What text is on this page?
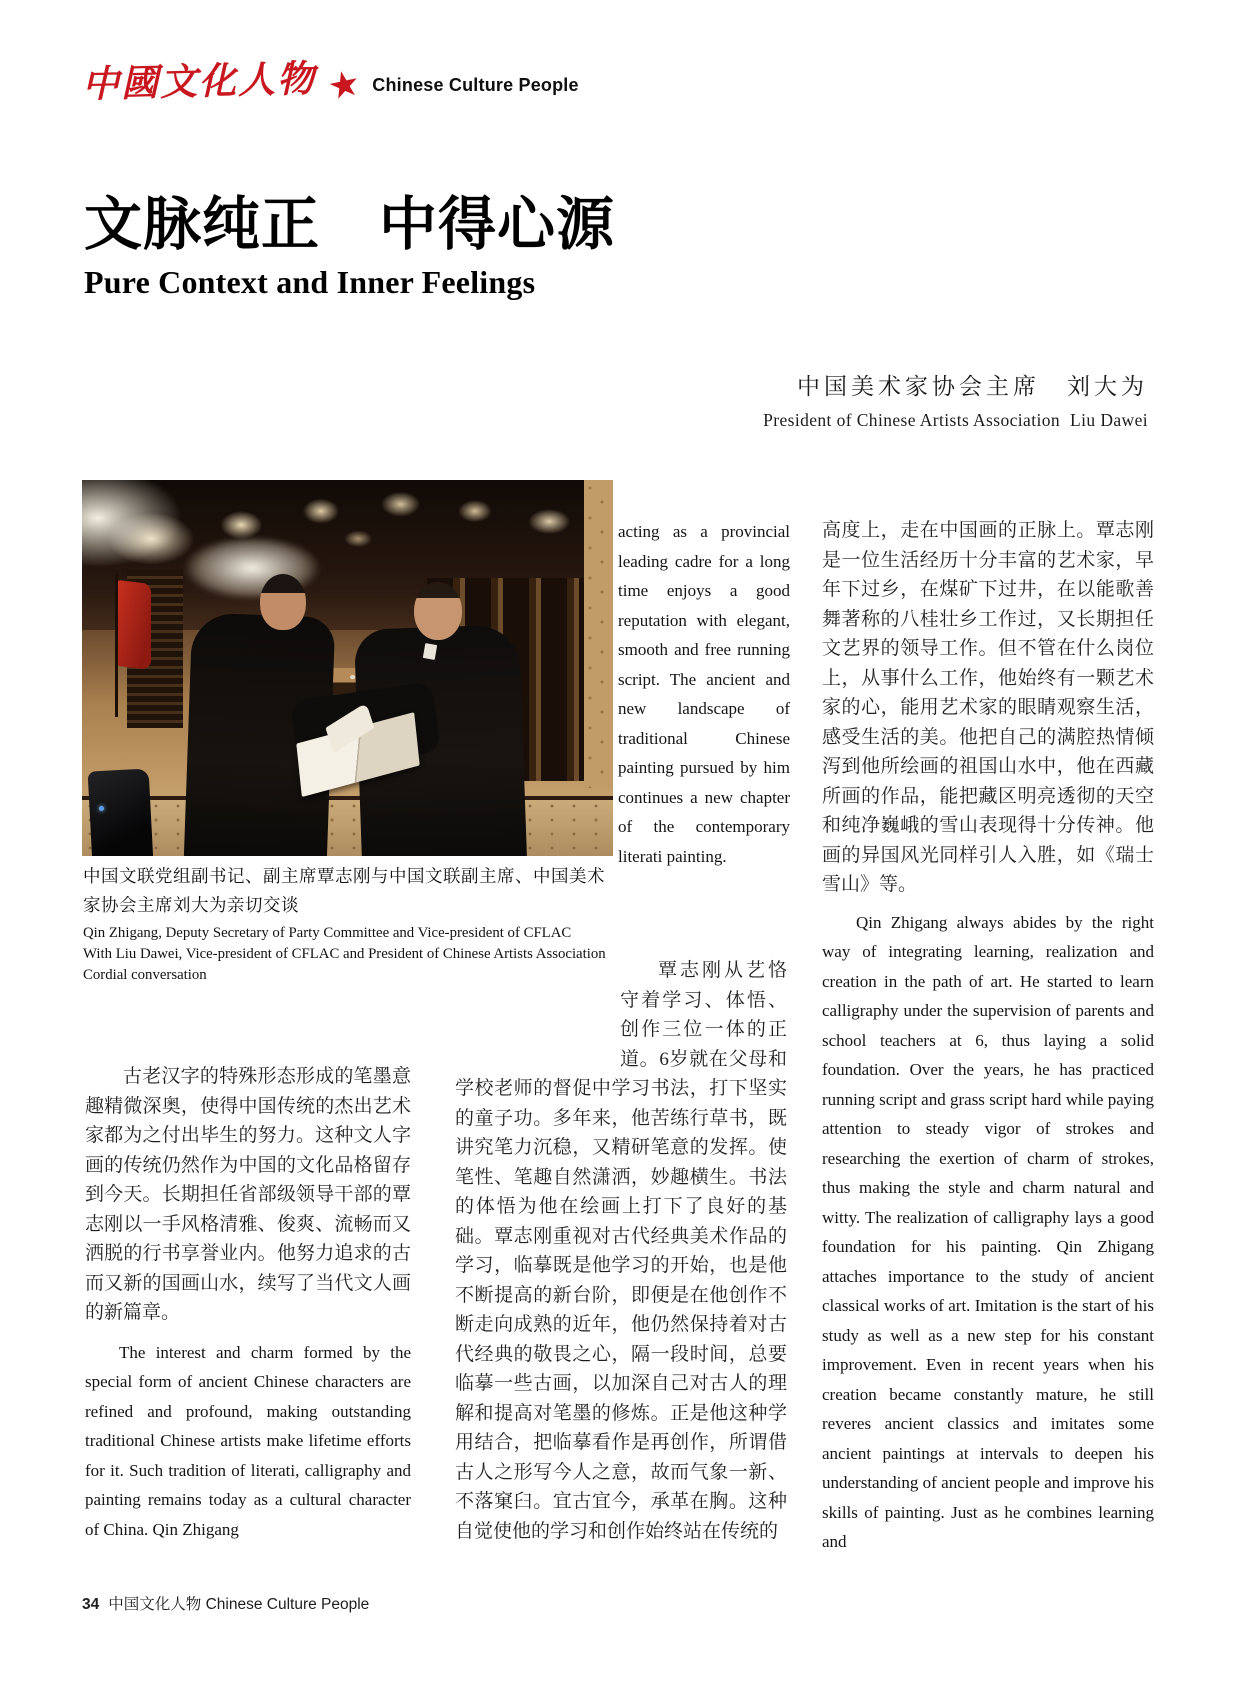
中國文化人物 ★ Chinese Culture People
文脉纯正　中得心源
Pure Context and Inner Feelings
中国美术家协会主席　刘大为
President of Chinese Artists Association Liu Dawei
中国文联党组副书记、副主席覃志刚与中国文联副主席、中国美术家协会主席刘大为亲切交谈
Qin Zhigang, Deputy Secretary of Party Committee and Vice-president of CFLAC
With Liu Dawei, Vice-president of CFLAC and President of Chinese Artists Association
Cordial conversation

古老汉字的特殊形态形成的笔墨意趣精微深奥，使得中国传统的杰出艺术家都为之付出毕生的努力。这种文人字画的传统仍然作为中国的文化品格留存到今天。长期担任省部级领导干部的覃志刚以一手风格清雅、俊爽、流畅而又洒脱的行书享誉业内。他努力追求的古而又新的国画山水，续写了当代文人画的新篇章。

The interest and charm formed by the special form of ancient Chinese characters are refined and profound, making outstanding traditional Chinese artists make lifetime efforts for it. Such tradition of literati, calligraphy and painting remains today as a cultural character of China. Qin Zhigang

acting as a provincial leading cadre for a long time enjoys a good reputation with elegant, smooth and free running script. The ancient and new landscape of traditional Chinese painting pursued by him continues a new chapter of the contemporary literati painting.

覃志刚从艺恪守着学习、体悟、创作三位一体的正道。6岁就在父母和学校老师的督促中学习书法，打下坚实的童子功。多年来，他苦练行草书，既讲究笔力沉稳，又精研笔意的发挥。使笔性、笔趣自然潇洒，妙趣横生。书法的体悟为他在绘画上打下了良好的基础。覃志刚重视对古代经典美术作品的学习，临摹既是他学习的开始，也是他不断提高的新台阶，即便是在他创作不断走向成熟的近年，他仍然保持着对古代经典的敬畏之心，隔一段时间，总要临摹一些古画，以加深自己对古人的理解和提高对笔墨的修炼。正是他这种学用结合，把临摹看作是再创作，所谓借古人之形写今人之意，故而气象一新、不落窠臼。宜古宜今，承革在胸。这种自觉使他的学习和创作始终站在传统的

高度上，走在中国画的正脉上。覃志刚是一位生活经历十分丰富的艺术家，早年下过乡，在煤矿下过井，在以能歌善舞著称的八桂壮乡工作过，又长期担任文艺界的领导工作。但不管在什么岗位上，从事什么工作，他始终有一颗艺术家的心，能用艺术家的眼睛观察生活，感受生活的美。他把自己的满腔热情倾泻到他所绘画的祖国山水中，他在西藏所画的作品，能把藏区明亮透彻的天空和纯净巍峨的雪山表现得十分传神。他画的异国风光同样引人入胜，如《瑞士雪山》等。

Qin Zhigang always abides by the right way of integrating learning, realization and creation in the path of art. He started to learn calligraphy under the supervision of parents and school teachers at 6, thus laying a solid foundation. Over the years, he has practiced running script and grass script hard while paying attention to steady vigor of strokes and researching the exertion of charm of strokes, thus making the style and charm natural and witty. The realization of calligraphy lays a good foundation for his painting. Qin Zhigang attaches importance to the study of ancient classical works of art. Imitation is the start of his study as well as a new step for his constant improvement. Even in recent years when his creation became constantly mature, he still reveres ancient classics and imitates some ancient paintings at intervals to deepen his understanding of ancient people and improve his skills of painting. Just as he combines learning and

34 中国文化人物 Chinese Culture People
